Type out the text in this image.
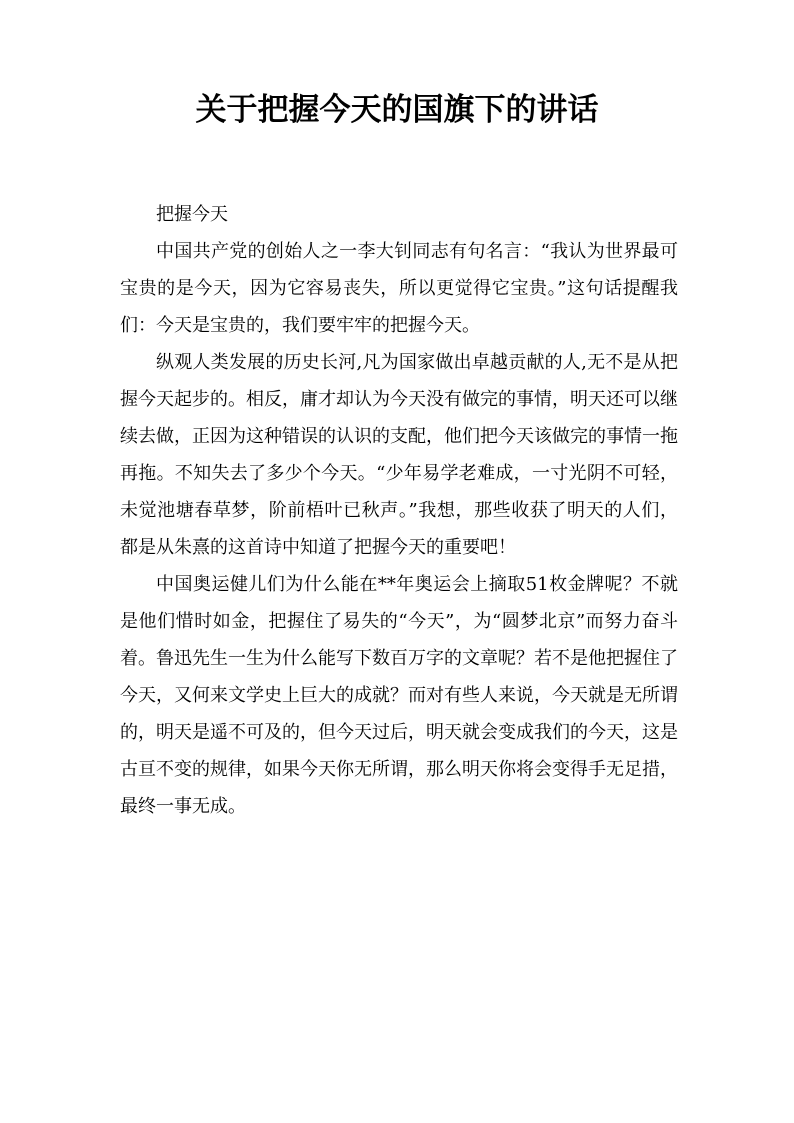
关于把握今天的国旗下的讲话

把握今天

中国共产党的创始人之一李大钊同志有句名言：“我认为世界最可宝贵的是今天，因为它容易丧失，所以更觉得它宝贵。”这句话提醒我们：今天是宝贵的，我们要牢牢的把握今天。

纵观人类发展的历史长河,凡为国家做出卓越贡献的人,无不是从把握今天起步的。相反，庸才却认为今天没有做完的事情，明天还可以继续去做，正因为这种错误的认识的支配，他们把今天该做完的事情一拖再拖。不知失去了多少个今天。“少年易学老难成，一寸光阴不可轻，未觉池塘春草梦，阶前梧叶已秋声。”我想，那些收获了明天的人们，都是从朱熹的这首诗中知道了把握今天的重要吧！

中国奥运健儿们为什么能在**年奥运会上摘取51枚金牌呢？不就是他们惜时如金，把握住了易失的“今天”，为“圆梦北京”而努力奋斗着。鲁迅先生一生为什么能写下数百万字的文章呢？若不是他把握住了今天，又何来文学史上巨大的成就？而对有些人来说，今天就是无所谓的，明天是遥不可及的，但今天过后，明天就会变成我们的今天，这是古亘不变的规律，如果今天你无所谓，那么明天你将会变得手无足措，最终一事无成。
